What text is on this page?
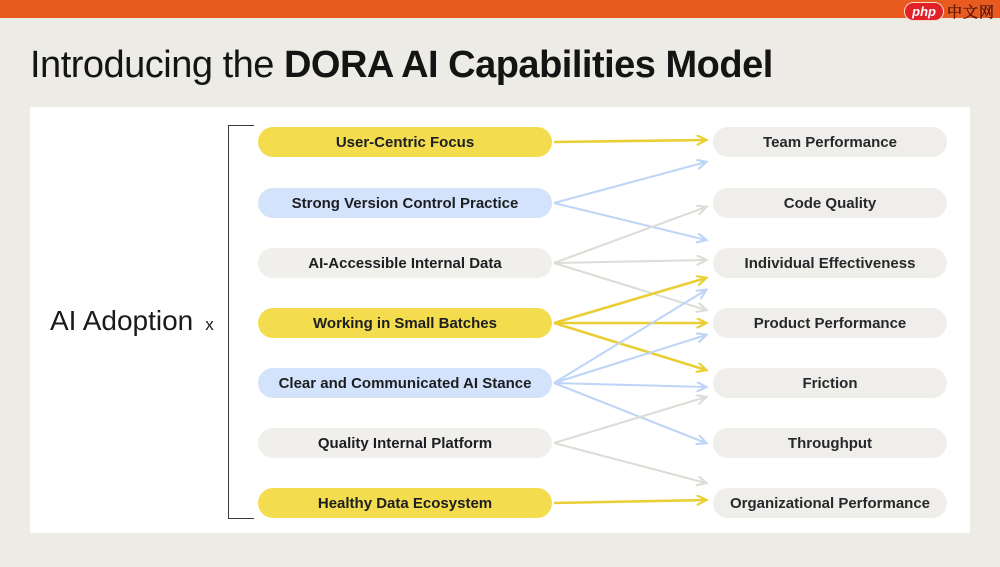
php 中文网
Introducing the DORA AI Capabilities Model
AI Adoption x
User-Centric Focus
Strong Version Control Practice
AI-Accessible Internal Data
Working in Small Batches
Clear and Communicated AI Stance
Quality Internal Platform
Healthy Data Ecosystem
Team Performance
Code Quality
Individual Effectiveness
Product Performance
Friction
Throughput
Organizational Performance
